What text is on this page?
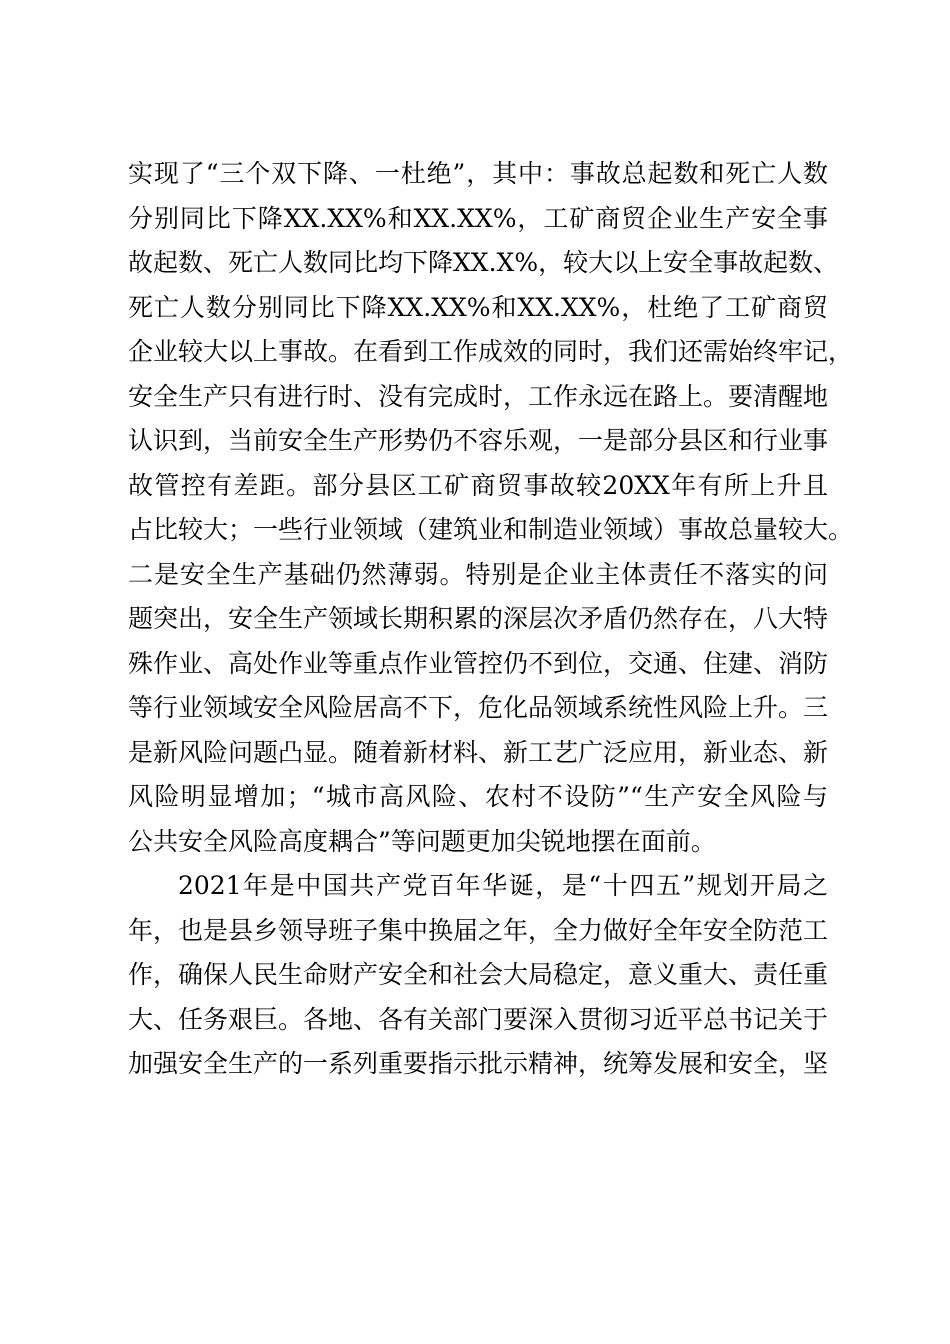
实现了“三个双下降、一杜绝”，其中：事故总起数和死亡人数
分别同比下降XX.XX%和XX.XX%，工矿商贸企业生产安全事
故起数、死亡人数同比均下降XX.X%，较大以上安全事故起数、
死亡人数分别同比下降XX.XX%和XX.XX%，杜绝了工矿商贸
企业较大以上事故。在看到工作成效的同时，我们还需始终牢记，
安全生产只有进行时、没有完成时，工作永远在路上。要清醒地
认识到，当前安全生产形势仍不容乐观，一是部分县区和行业事
故管控有差距。部分县区工矿商贸事故较20XX年有所上升且
占比较大；一些行业领域（建筑业和制造业领域）事故总量较大。
二是安全生产基础仍然薄弱。特别是企业主体责任不落实的问
题突出，安全生产领域长期积累的深层次矛盾仍然存在，八大特
殊作业、高处作业等重点作业管控仍不到位，交通、住建、消防
等行业领域安全风险居高不下，危化品领域系统性风险上升。三
是新风险问题凸显。随着新材料、新工艺广泛应用，新业态、新
风险明显增加；“城市高风险、农村不设防”“生产安全风险与
公共安全风险高度耦合”等问题更加尖锐地摆在面前。
2021年是中国共产党百年华诞，是“十四五”规划开局之
年，也是县乡领导班子集中换届之年，全力做好全年安全防范工
作，确保人民生命财产安全和社会大局稳定，意义重大、责任重
大、任务艰巨。各地、各有关部门要深入贯彻习近平总书记关于
加强安全生产的一系列重要指示批示精神，统筹发展和安全，坚
